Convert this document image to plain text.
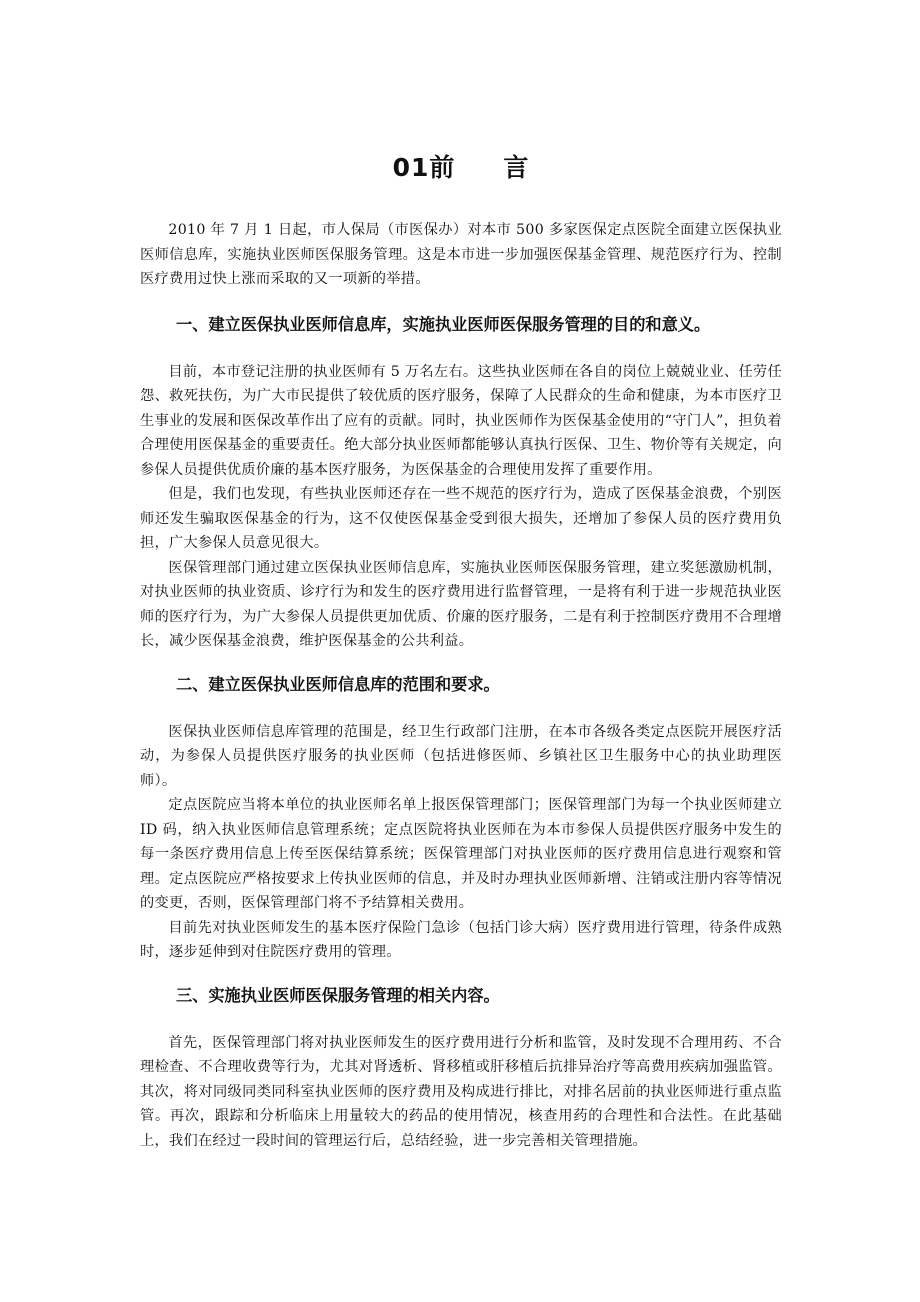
01前 言

2010 年 7 月 1 日起，市人保局（市医保办）对本市 500 多家医保定点医院全面建立医保执业医师信息库，实施执业医师医保服务管理。这是本市进一步加强医保基金管理、规范医疗行为、控制医疗费用过快上涨而采取的又一项新的举措。

一、建立医保执业医师信息库，实施执业医师医保服务管理的目的和意义。

目前，本市登记注册的执业医师有 5 万名左右。这些执业医师在各自的岗位上兢兢业业、任劳任怨、救死扶伤，为广大市民提供了较优质的医疗服务，保障了人民群众的生命和健康，为本市医疗卫生事业的发展和医保改革作出了应有的贡献。同时，执业医师作为医保基金使用的“守门人”，担负着合理使用医保基金的重要责任。绝大部分执业医师都能够认真执行医保、卫生、物价等有关规定，向参保人员提供优质价廉的基本医疗服务，为医保基金的合理使用发挥了重要作用。

但是，我们也发现，有些执业医师还存在一些不规范的医疗行为，造成了医保基金浪费，个别医师还发生骗取医保基金的行为，这不仅使医保基金受到很大损失，还增加了参保人员的医疗费用负担，广大参保人员意见很大。

医保管理部门通过建立医保执业医师信息库，实施执业医师医保服务管理，建立奖惩激励机制，对执业医师的执业资质、诊疗行为和发生的医疗费用进行监督管理，一是将有利于进一步规范执业医师的医疗行为，为广大参保人员提供更加优质、价廉的医疗服务，二是有利于控制医疗费用不合理增长，减少医保基金浪费，维护医保基金的公共利益。

二、建立医保执业医师信息库的范围和要求。

医保执业医师信息库管理的范围是，经卫生行政部门注册，在本市各级各类定点医院开展医疗活动，为参保人员提供医疗服务的执业医师（包括进修医师、乡镇社区卫生服务中心的执业助理医师）。

定点医院应当将本单位的执业医师名单上报医保管理部门；医保管理部门为每一个执业医师建立 ID 码，纳入执业医师信息管理系统；定点医院将执业医师在为本市参保人员提供医疗服务中发生的每一条医疗费用信息上传至医保结算系统；医保管理部门对执业医师的医疗费用信息进行观察和管理。定点医院应严格按要求上传执业医师的信息，并及时办理执业医师新增、注销或注册内容等情况的变更，否则，医保管理部门将不予结算相关费用。

目前先对执业医师发生的基本医疗保险门急诊（包括门诊大病）医疗费用进行管理，待条件成熟时，逐步延伸到对住院医疗费用的管理。

三、实施执业医师医保服务管理的相关内容。

首先，医保管理部门将对执业医师发生的医疗费用进行分析和监管，及时发现不合理用药、不合理检查、不合理收费等行为，尤其对肾透析、肾移植或肝移植后抗排异治疗等高费用疾病加强监管。其次，将对同级同类同科室执业医师的医疗费用及构成进行排比，对排名居前的执业医师进行重点监管。再次，跟踪和分析临床上用量较大的药品的使用情况，核查用药的合理性和合法性。在此基础上，我们在经过一段时间的管理运行后，总结经验，进一步完善相关管理措施。
